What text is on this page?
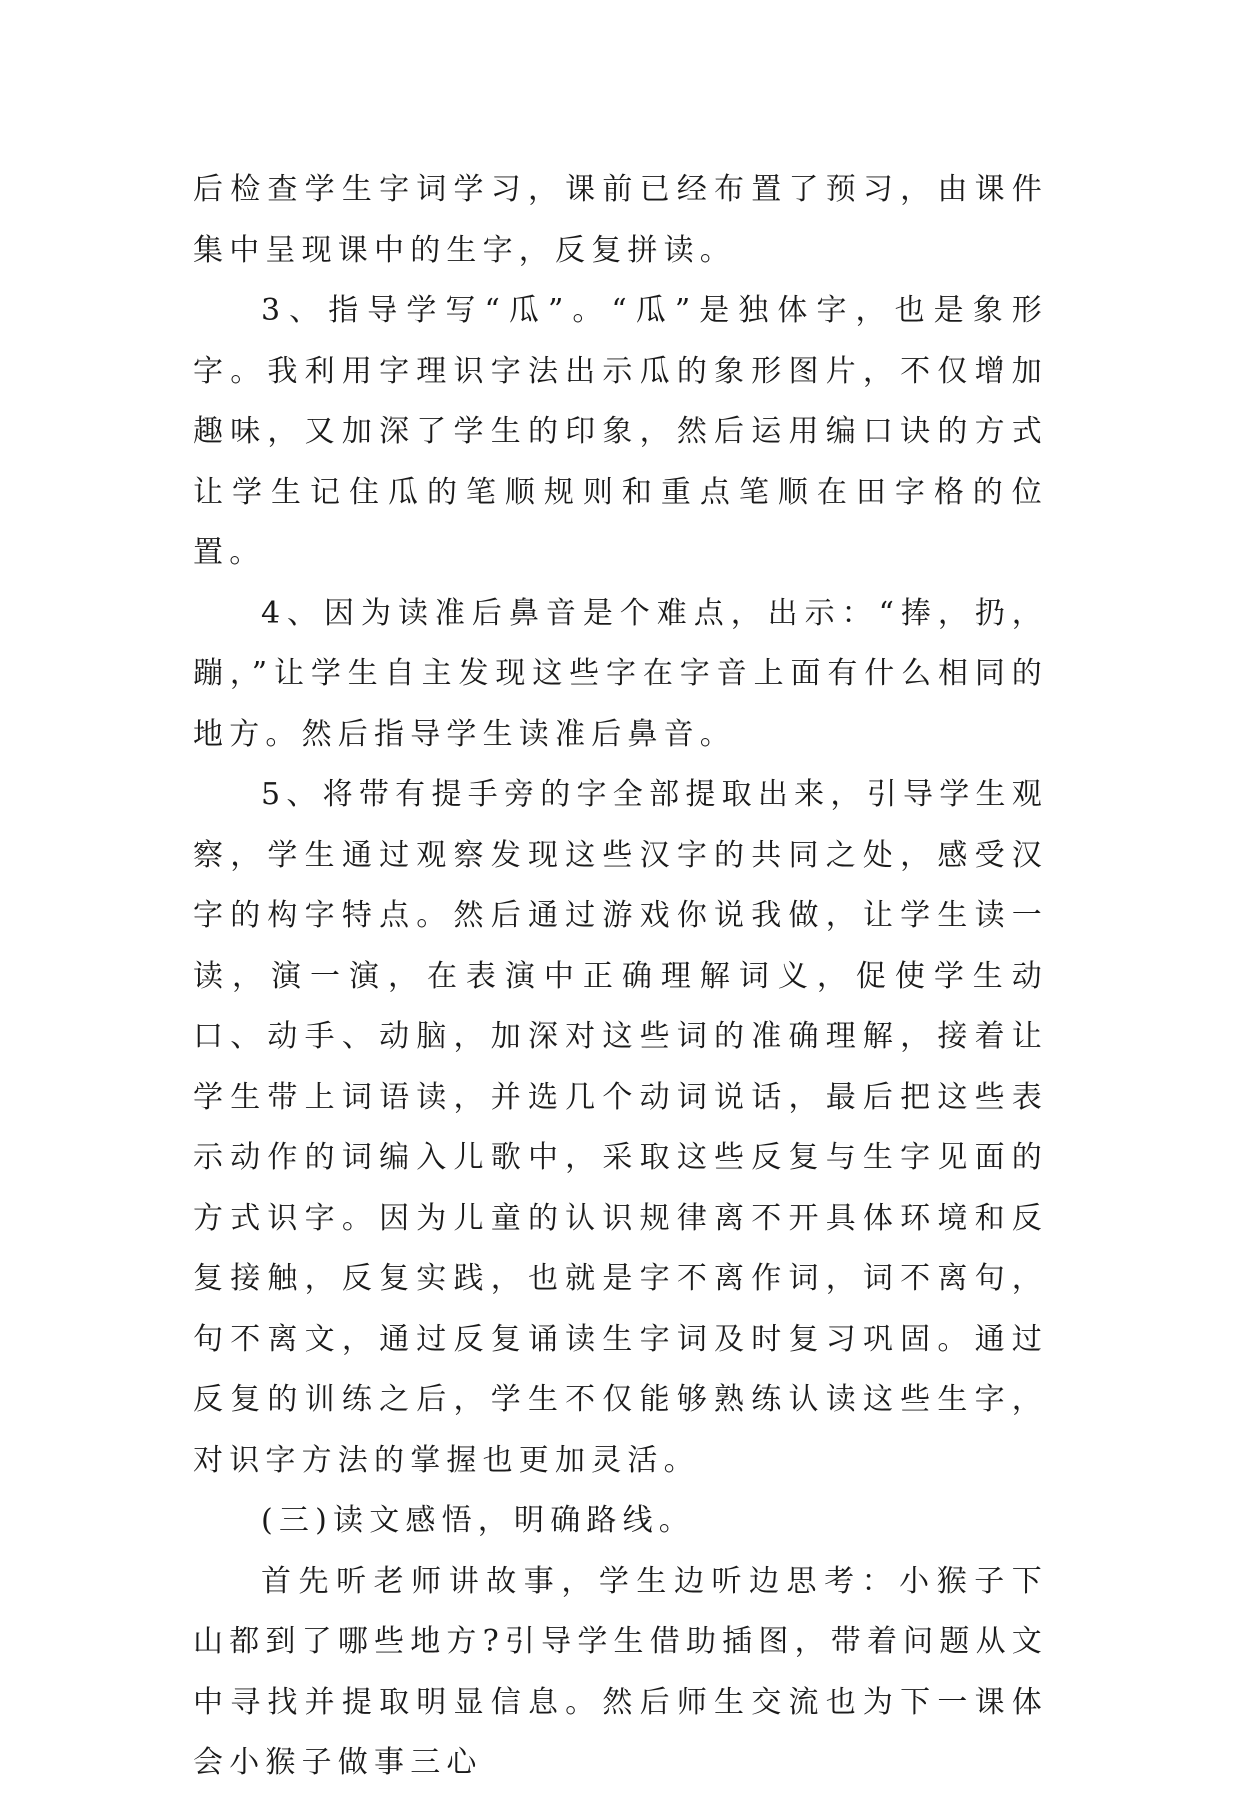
后检查学生字词学习，课前已经布置了预习，由课件集中呈现课中的生字，反复拼读。

3、指导学写“瓜”。“瓜”是独体字，也是象形字。我利用字理识字法出示瓜的象形图片，不仅增加趣味，又加深了学生的印象，然后运用编口诀的方式让学生记住瓜的笔顺规则和重点笔顺在田字格的位置。

4、因为读准后鼻音是个难点，出示：“捧，扔，蹦，”让学生自主发现这些字在字音上面有什么相同的地方。然后指导学生读准后鼻音。

5、将带有提手旁的字全部提取出来，引导学生观察，学生通过观察发现这些汉字的共同之处，感受汉字的构字特点。然后通过游戏你说我做，让学生读一读，演一演，在表演中正确理解词义，促使学生动口、动手、动脑，加深对这些词的准确理解，接着让学生带上词语读，并选几个动词说话，最后把这些表示动作的词编入儿歌中，采取这些反复与生字见面的方式识字。因为儿童的认识规律离不开具体环境和反复接触，反复实践，也就是字不离作词，词不离句，句不离文，通过反复诵读生字词及时复习巩固。通过反复的训练之后，学生不仅能够熟练认读这些生字，对识字方法的掌握也更加灵活。

(三)读文感悟，明确路线。

首先听老师讲故事，学生边听边思考：小猴子下山都到了哪些地方?引导学生借助插图，带着问题从文中寻找并提取明显信息。然后师生交流也为下一课体会小猴子做事三心
